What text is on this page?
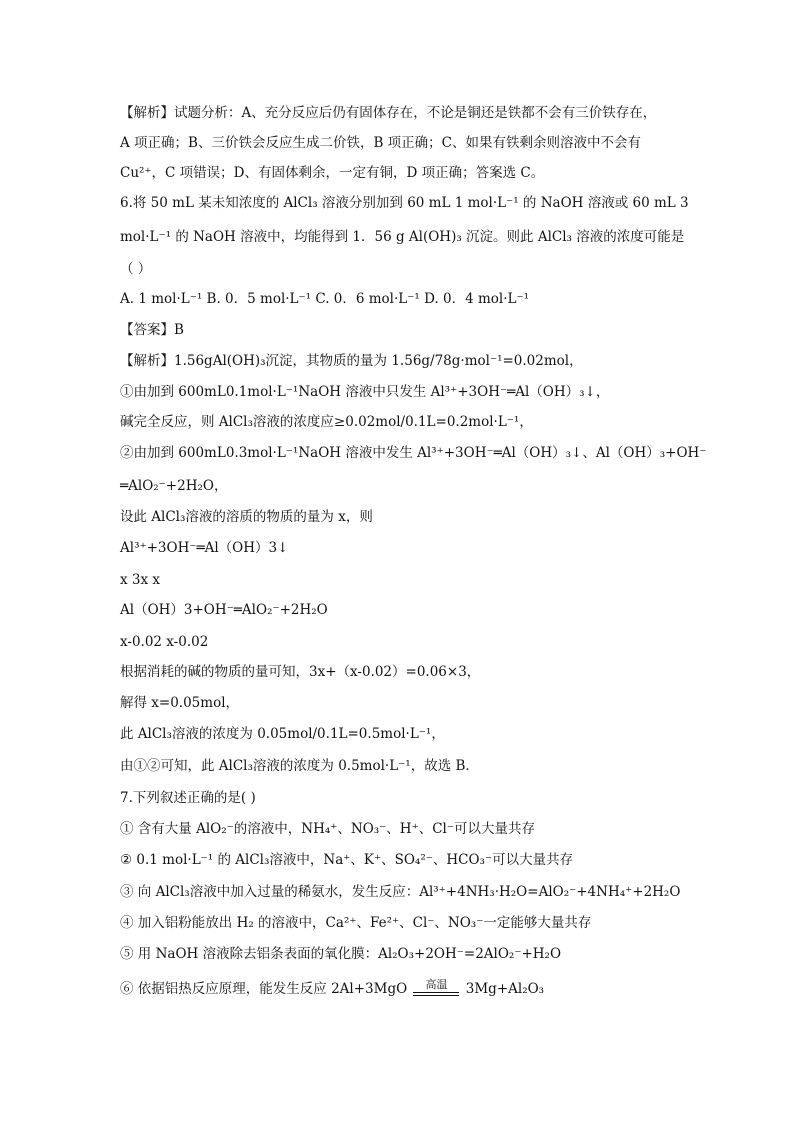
【解析】试题分析：A、充分反应后仍有固体存在，不论是铜还是铁都不会有三价铁存在，
A 项正确；B、三价铁会反应生成二价铁，B 项正确；C、如果有铁剩余则溶液中不会有
Cu²⁺，C 项错误；D、有固体剩余，一定有铜，D 项正确；答案选 C。
6.将 50 mL 某未知浓度的 AlCl₃ 溶液分别加到 60 mL 1 mol·L⁻¹ 的 NaOH 溶液或 60 mL 3
mol·L⁻¹ 的 NaOH 溶液中，均能得到 1．56 g Al(OH)₃ 沉淀。则此 AlCl₃ 溶液的浓度可能是
（ ）
A. 1 mol·L⁻¹ B. 0．5 mol·L⁻¹ C. 0．6 mol·L⁻¹ D. 0．4 mol·L⁻¹
【答案】B
【解析】1.56gAl(OH)₃沉淀，其物质的量为 1.56g/78g·mol⁻¹=0.02mol，
①由加到 600mL0.1mol·L⁻¹NaOH 溶液中只发生 Al³⁺+3OH⁻═Al（OH）₃↓，
碱完全反应，则 AlCl₃溶液的浓度应≥0.02mol/0.1L=0.2mol·L⁻¹，
②由加到 600mL0.3mol·L⁻¹NaOH 溶液中发生 Al³⁺+3OH⁻═Al（OH）₃↓、Al（OH）₃+OH⁻
═AlO₂⁻+2H₂O，
设此 AlCl₃溶液的溶质的物质的量为 x，则
Al³⁺+3OH⁻═Al（OH）3↓
x 3x x
Al（OH）3+OH⁻═AlO₂⁻+2H₂O
x-0.02 x-0.02
根据消耗的碱的物质的量可知，3x+（x-0.02）=0.06×3，
解得 x=0.05mol，
此 AlCl₃溶液的浓度为 0.05mol/0.1L=0.5mol·L⁻¹，
由①②可知，此 AlCl₃溶液的浓度为 0.5mol·L⁻¹，故选 B．
7.下列叙述正确的是( )
① 含有大量 AlO₂⁻的溶液中，NH₄⁺、NO₃⁻、H⁺、Cl⁻可以大量共存
② 0.1 mol·L⁻¹ 的 AlCl₃溶液中，Na⁺、K⁺、SO₄²⁻、HCO₃⁻可以大量共存
③ 向 AlCl₃溶液中加入过量的稀氨水，发生反应：Al³⁺+4NH₃·H₂O=AlO₂⁻+4NH₄⁺+2H₂O
④ 加入铝粉能放出 H₂ 的溶液中，Ca²⁺、Fe²⁺、Cl⁻、NO₃⁻一定能够大量共存
⑤ 用 NaOH 溶液除去铝条表面的氧化膜：Al₂O₃+2OH⁻=2AlO₂⁻+H₂O
⑥ 依据铝热反应原理，能发生反应 2Al+3MgO	高温	3Mg+Al₂O₃
